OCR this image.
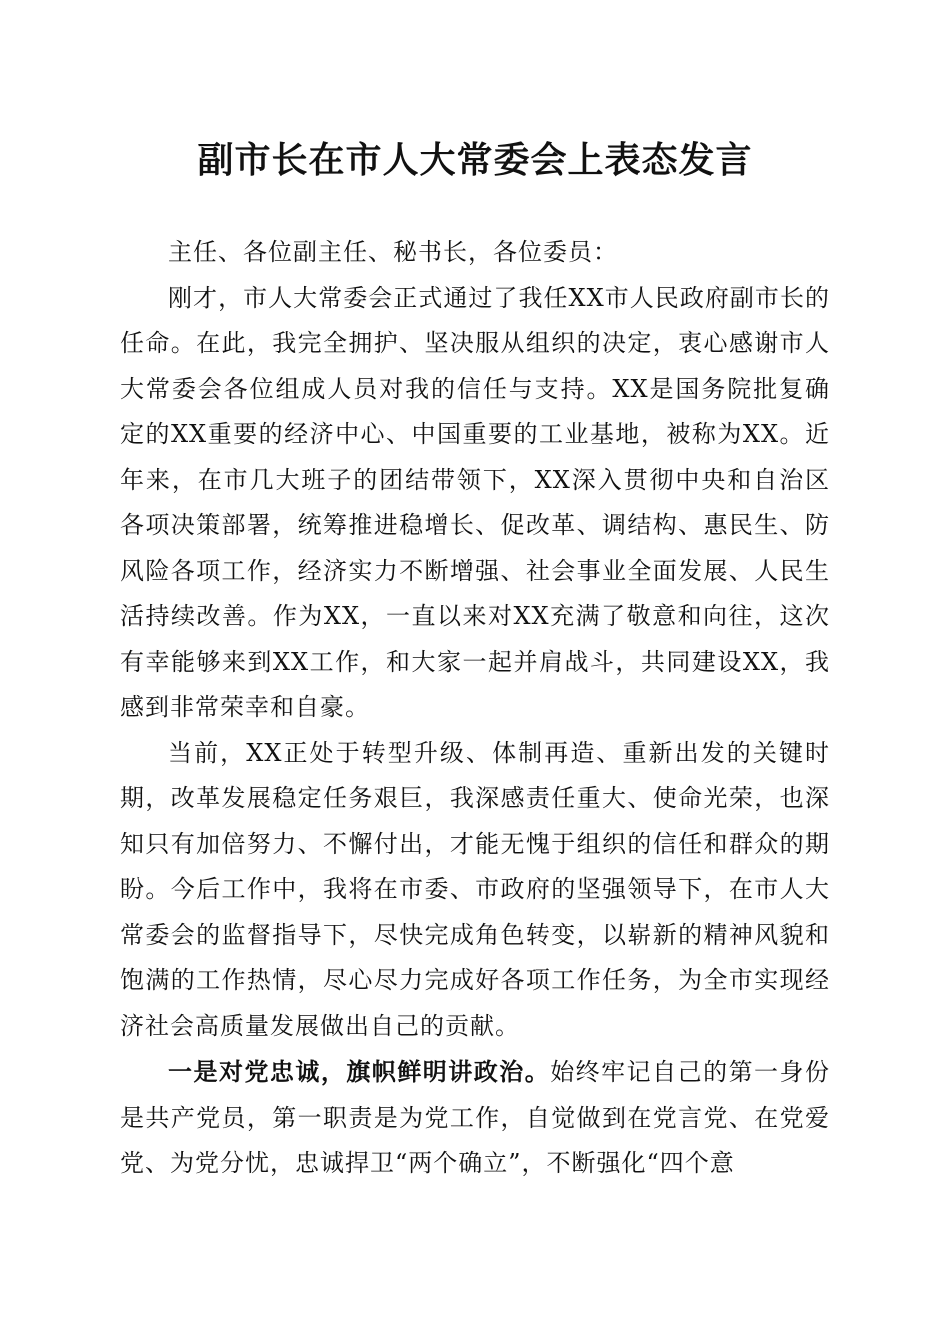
副市长在市人大常委会上表态发言

主任、各位副主任、秘书长，各位委员：

刚才，市人大常委会正式通过了我任XX市人民政府副市长的任命。在此，我完全拥护、坚决服从组织的决定，衷心感谢市人大常委会各位组成人员对我的信任与支持。XX是国务院批复确定的XX重要的经济中心、中国重要的工业基地，被称为XX。近年来，在市几大班子的团结带领下，XX深入贯彻中央和自治区各项决策部署，统筹推进稳增长、促改革、调结构、惠民生、防风险各项工作，经济实力不断增强、社会事业全面发展、人民生活持续改善。作为XX，一直以来对XX充满了敬意和向往，这次有幸能够来到XX工作，和大家一起并肩战斗，共同建设XX，我感到非常荣幸和自豪。

当前，XX正处于转型升级、体制再造、重新出发的关键时期，改革发展稳定任务艰巨，我深感责任重大、使命光荣，也深知只有加倍努力、不懈付出，才能无愧于组织的信任和群众的期盼。今后工作中，我将在市委、市政府的坚强领导下，在市人大常委会的监督指导下，尽快完成角色转变，以崭新的精神风貌和饱满的工作热情，尽心尽力完成好各项工作任务，为全市实现经济社会高质量发展做出自己的贡献。

一是对党忠诚，旗帜鲜明讲政治。始终牢记自己的第一身份是共产党员，第一职责是为党工作，自觉做到在党言党、在党爱党、为党分忧，忠诚捍卫“两个确立”，不断强化“四个意
